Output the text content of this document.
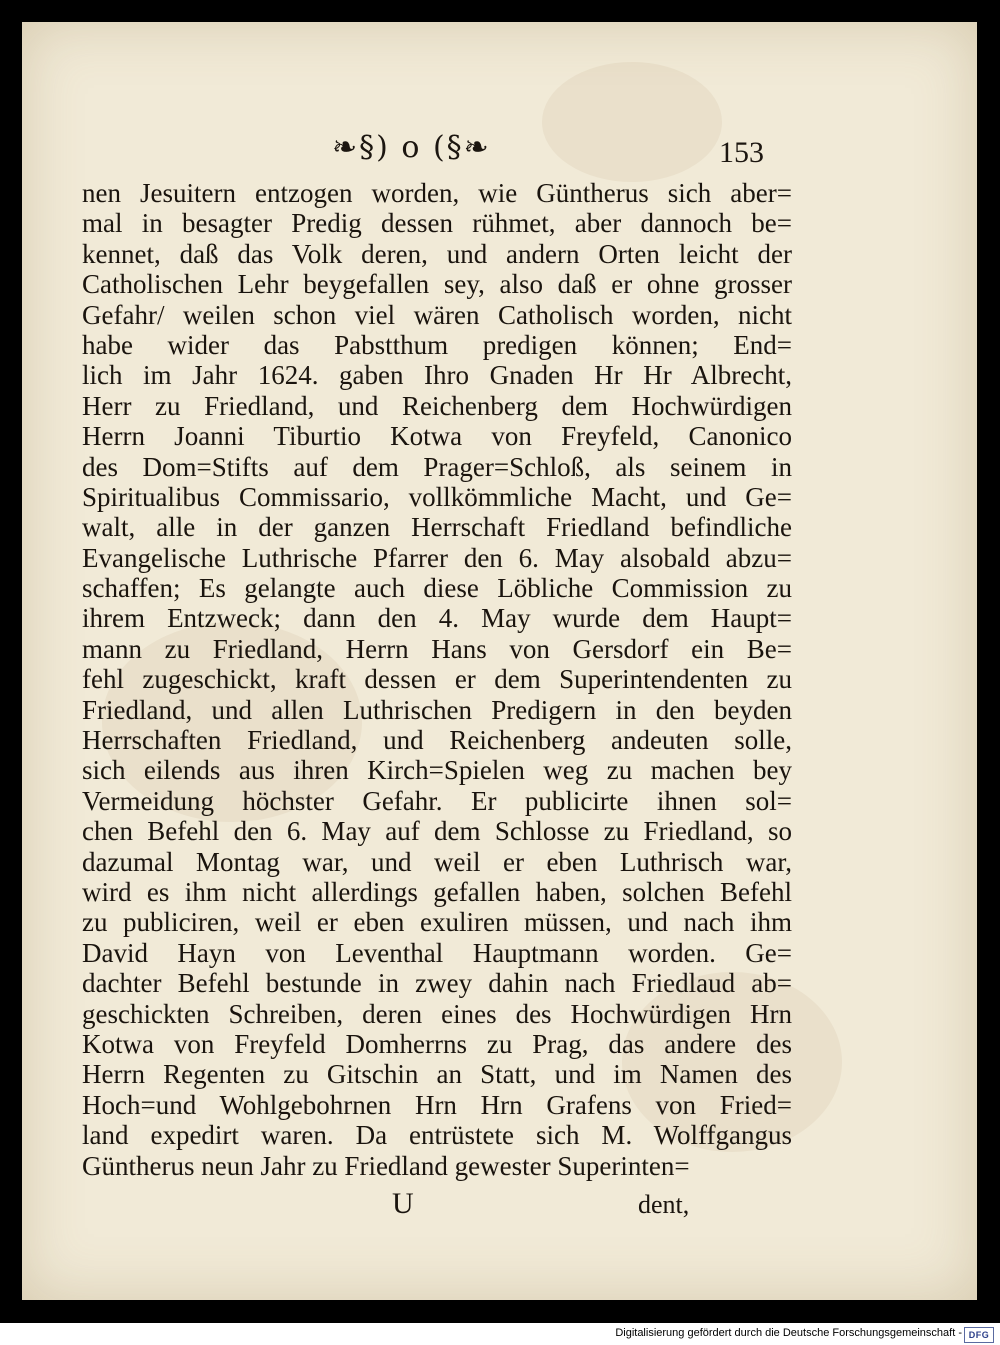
❧§) ο (§❧	153
nen Jesuitern entzogen worden, wie Güntherus sich aber=
mal in besagter Predig dessen rühmet, aber dannoch be=
kennet, daß das Volk deren, und andern Orten leicht der
Catholischen Lehr beygefallen sey, also daß er ohne grosser
Gefahr/ weilen schon viel wären Catholisch worden, nicht
habe wider das Pabstthum predigen können; End=
lich im Jahr 1624. gaben Ihro Gnaden Hr Hr Albrecht,
Herr zu Friedland, und Reichenberg dem Hochwürdigen
Herrn Joanni Tiburtio Kotwa von Freyfeld, Canonico
des Dom=Stifts auf dem Prager=Schloß, als seinem in
Spiritualibus Commissario, vollkömmliche Macht, und Ge=
walt, alle in der ganzen Herrschaft Friedland befindliche
Evangelische Luthrische Pfarrer den 6. May alsobald abzu=
schaffen; Es gelangte auch diese Löbliche Commission zu
ihrem Entzweck; dann den 4. May wurde dem Haupt=
mann zu Friedland, Herrn Hans von Gersdorf ein Be=
fehl zugeschickt, kraft dessen er dem Superintendenten zu
Friedland, und allen Luthrischen Predigern in den beyden
Herrschaften Friedland, und Reichenberg andeuten solle,
sich eilends aus ihren Kirch=Spielen weg zu machen bey
Vermeidung höchster Gefahr. Er publicirte ihnen sol=
chen Befehl den 6. May auf dem Schlosse zu Friedland, so
dazumal Montag war, und weil er eben Luthrisch war,
wird es ihm nicht allerdings gefallen haben, solchen Befehl
zu publiciren, weil er eben exuliren müssen, und nach ihm
David Hayn von Leventhal Hauptmann worden. Ge=
dachter Befehl bestunde in zwey dahin nach Friedlaud ab=
geschickten Schreiben, deren eines des Hochwürdigen Hrn
Kotwa von Freyfeld Domherrns zu Prag, das andere des
Herrn Regenten zu Gitschin an Statt, und im Namen des
Hoch=und Wohlgebohrnen Hrn Hrn Grafens von Fried=
land expedirt waren. Da entrüstete sich M. Wolffgangus
Güntherus neun Jahr zu Friedland gewester Superinten=
U	dent,
Digitalisierung gefördert durch die Deutsche Forschungsgemeinschaft - DFG
